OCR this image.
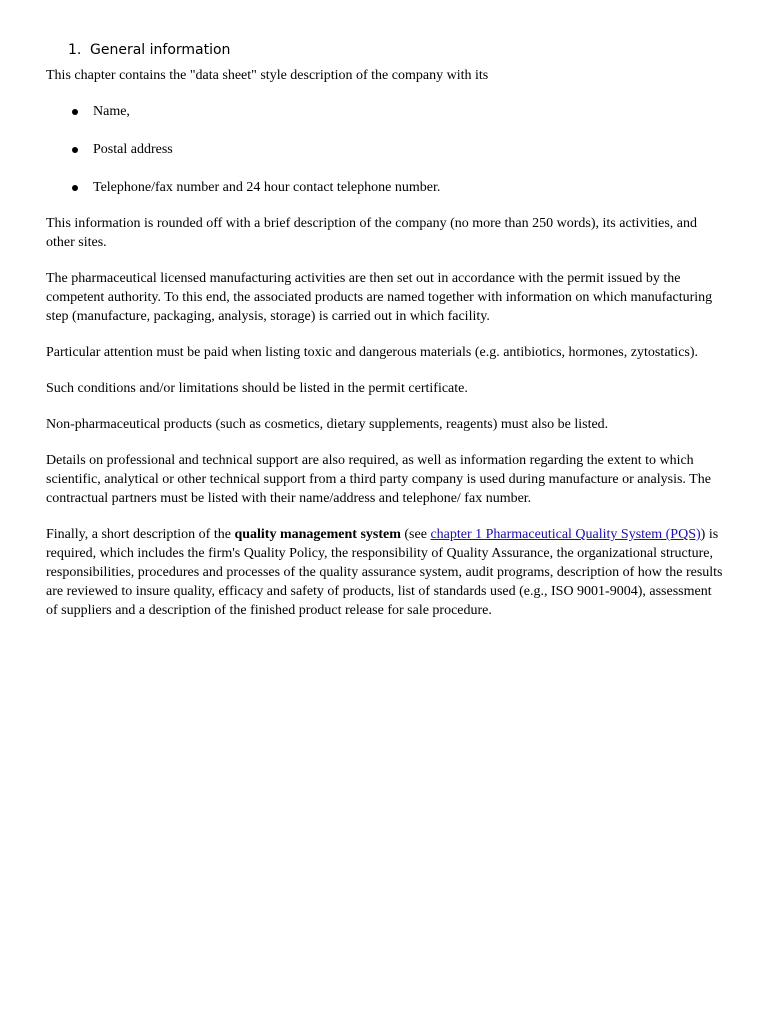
1. General information

This chapter contains the "data sheet" style description of the company with its

Name,
Postal address
Telephone/fax number and 24 hour contact telephone number.

This information is rounded off with a brief description of the company (no more than 250 words), its activities, and other sites.

The pharmaceutical licensed manufacturing activities are then set out in accordance with the permit issued by the competent authority. To this end, the associated products are named together with information on which manufacturing step (manufacture, packaging, analysis, storage) is carried out in which facility.

Particular attention must be paid when listing toxic and dangerous materials (e.g. antibiotics, hormones, zytostatics).

Such conditions and/or limitations should be listed in the permit certificate.

Non-pharmaceutical products (such as cosmetics, dietary supplements, reagents) must also be listed.

Details on professional and technical support are also required, as well as information regarding the extent to which scientific, analytical or other technical support from a third party company is used during manufacture or analysis. The contractual partners must be listed with their name/address and telephone/ fax number.

Finally, a short description of the quality management system (see chapter 1 Pharmaceutical Quality System (PQS)) is required, which includes the firm's Quality Policy, the responsibility of Quality Assurance, the organizational structure, responsibilities, procedures and processes of the quality assurance system, audit programs, description of how the results are reviewed to insure quality, efficacy and safety of products, list of standards used (e.g., ISO 9001-9004), assessment of suppliers and a description of the finished product release for sale procedure.
